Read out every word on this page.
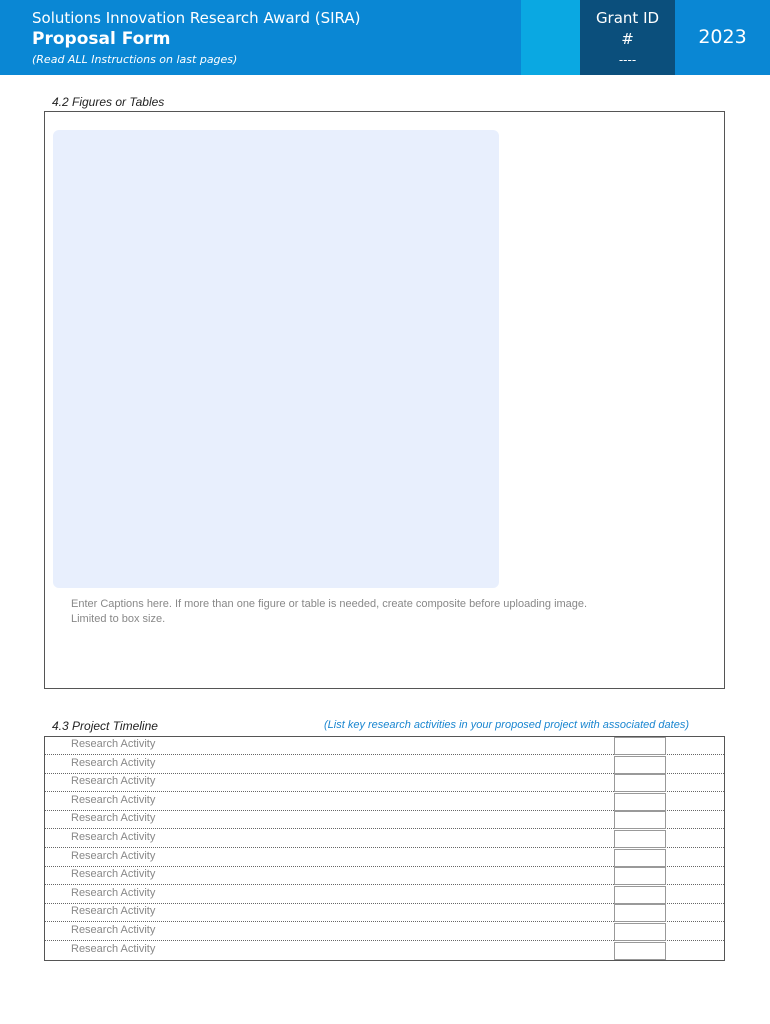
Solutions Innovation Research Award (SIRA)
Proposal Form
(Read ALL Instructions on last pages)
Grant ID
#
----
2023
4.2 Figures or Tables
Enter Captions here. If more than one figure or table is needed, create composite before uploading image.
Limited to box size.
4.3 Project Timeline	(List key research activities in your proposed project with associated dates)
Research Activity
Research Activity
Research Activity
Research Activity
Research Activity
Research Activity
Research Activity
Research Activity
Research Activity
Research Activity
Research Activity
Research Activity
